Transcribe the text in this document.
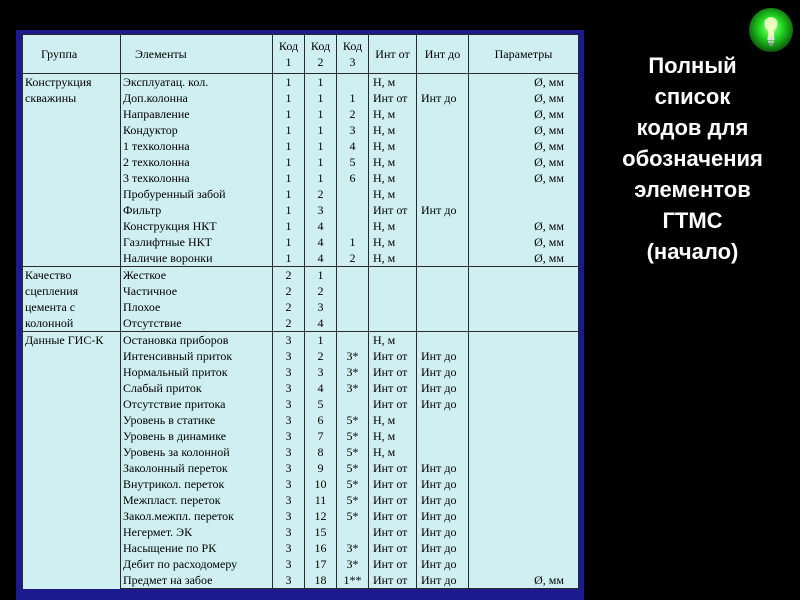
Группа	Элементы	Код 1	Код 2	Код 3	Инт от	Инт до	Параметры
Конструкция скважины	Эксплуатац. кол.	1	1		Н, м		Ø, мм
	Доп.колонна	1	1	1	Инт от	Инт до	Ø, мм
	Направление	1	1	2	Н, м		Ø, мм
	Кондуктор	1	1	3	Н, м		Ø, мм
	1 техколонна	1	1	4	Н, м		Ø, мм
	2 техколонна	1	1	5	Н, м		Ø, мм
	3 техколонна	1	1	6	Н, м		Ø, мм
	Пробуренный забой	1	2		Н, м		
	Фильтр	1	3		Инт от	Инт до	
	Конструкция НКТ	1	4		Н, м		Ø, мм
	Газлифтные НКТ	1	4	1	Н, м		Ø, мм
	Наличие воронки	1	4	2	Н, м		Ø, мм
Качество сцепления цемента с колонной	Жесткое	2	1				
	Частичное	2	2				
	Плохое	2	3				
	Отсутствие	2	4				
Данные ГИС-К	Остановка приборов	3	1		Н, м		
	Интенсивный приток	3	2	3*	Инт от	Инт до	
	Нормальный приток	3	3	3*	Инт от	Инт до	
	Слабый приток	3	4	3*	Инт от	Инт до	
	Отсутствие притока	3	5		Инт от	Инт до	
	Уровень в статике	3	6	5*	Н, м		
	Уровень в динамике	3	7	5*	Н, м		
	Уровень за колонной	3	8	5*	Н, м		
	Заколонный переток	3	9	5*	Инт от	Инт до	
	Внутрикол. переток	3	10	5*	Инт от	Инт до	
	Межпласт. переток	3	11	5*	Инт от	Инт до	
	Закол.межпл. переток	3	12	5*	Инт от	Инт до	
	Негермет. ЭК	3	15		Инт от	Инт до	
	Насыщение по РК	3	16	3*	Инт от	Инт до	
	Дебит по расходомеру	3	17	3*	Инт от	Инт до	
	Предмет на забое	3	18	1**	Инт от	Инт до	Ø, мм
Полный
список
кодов для
обозначения
элементов
ГТМС
(начало)
